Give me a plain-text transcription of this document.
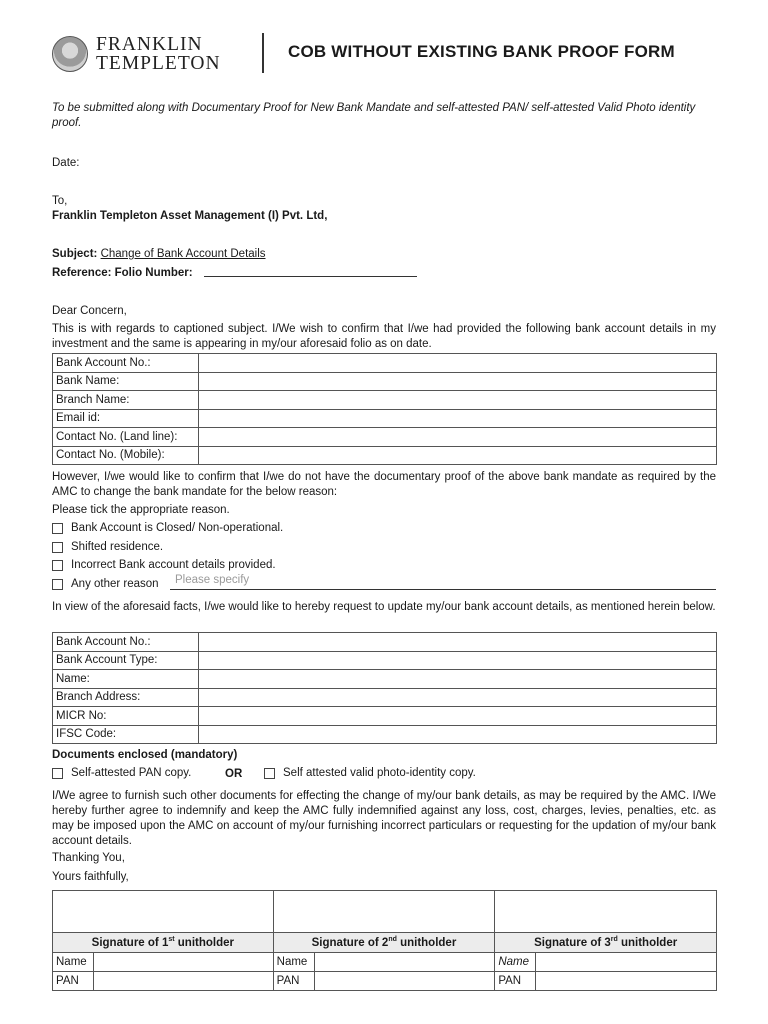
FRANKLIN
TEMPLETON
COB WITHOUT EXISTING BANK PROOF FORM
To be submitted along with Documentary Proof for New Bank Mandate and self-attested PAN/ self-attested Valid Photo identity proof.
Date:
To,
Franklin Templeton Asset Management (I) Pvt. Ltd,
Subject: Change of Bank Account Details
Reference: Folio Number:
Dear Concern,
This is with regards to captioned subject. I/We wish to confirm that I/we had provided the following bank account details in my investment and the same is appearing in my/our aforesaid folio as on date.
Bank Account No.:	
Bank Name:	
Branch Name:	
Email id:	
Contact No. (Land line):	
Contact No. (Mobile):	
However, I/we would like to confirm that I/we do not have the documentary proof of the above bank mandate as required by the AMC to change the bank mandate for the below reason:
Please tick the appropriate reason.
Bank Account is Closed/ Non-operational.
Shifted residence.
Incorrect Bank account details provided.
Any other reason Please specify
In view of the aforesaid facts, I/we would like to hereby request to update my/our bank account details, as mentioned herein below.
Bank Account No.:	
Bank Account Type:	
Name:	
Branch Address:	
MICR No:	
IFSC Code:	
Documents enclosed (mandatory)
Self-attested PAN copy.	OR	Self attested valid photo-identity copy.
I/We agree to furnish such other documents for effecting the change of my/our bank details, as may be required by the AMC. I/We hereby further agree to indemnify and keep the AMC fully indemnified against any loss, cost, charges, levies, penalties, etc. as may be imposed upon the AMC on account of my/our furnishing incorrect particulars or requesting for the updation of my/our bank account details.
Thanking You,
Yours faithfully,

Signature of 1st unitholder		Signature of 2nd unitholder		Signature of 3rd unitholder	
Name		Name		Name	
PAN		PAN		PAN	
